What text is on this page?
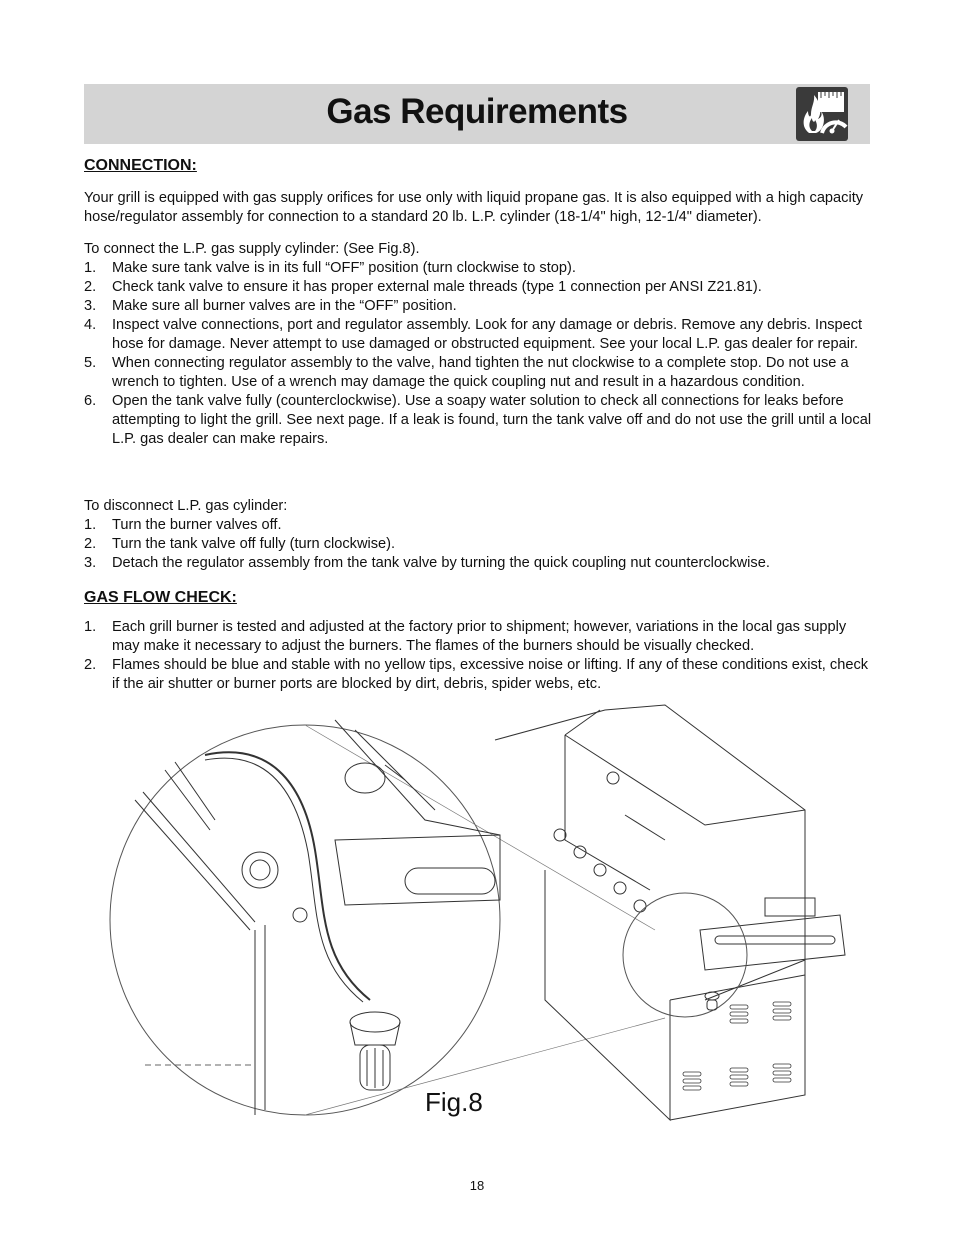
Gas Requirements
CONNECTION:
Your grill is equipped with gas supply orifices for use only with liquid propane gas. It is also equipped with a high capacity hose/regulator assembly for connection to a standard 20 lb. L.P. cylinder (18-1/4" high, 12-1/4" diameter).
To connect the L.P. gas supply cylinder: (See Fig.8).
1. Make sure tank valve is in its full “OFF” position (turn clockwise to stop).
2. Check tank valve to ensure it has proper external male threads (type 1 connection per ANSI Z21.81).
3. Make sure all burner valves are in the “OFF” position.
4. Inspect valve connections, port and regulator assembly. Look for any damage or debris. Remove any debris. Inspect hose for damage. Never attempt to use damaged or obstructed equipment. See your local L.P. gas dealer for repair.
5. When connecting regulator assembly to the valve, hand tighten the nut clockwise to a complete stop. Do not use a wrench to tighten. Use of a wrench may damage the quick coupling nut and result in a hazardous condition.
6. Open the tank valve fully (counterclockwise). Use a soapy water solution to check all connections for leaks before attempting to light the grill. See next page. If a leak is found, turn the tank valve off and do not use the grill until a local L.P. gas dealer can make repairs.
To disconnect L.P. gas cylinder:
1. Turn the burner valves off.
2. Turn the tank valve off fully (turn clockwise).
3. Detach the regulator assembly from the tank valve by turning the quick coupling nut counterclockwise.
GAS FLOW CHECK:
1. Each grill burner is tested and adjusted at the factory prior to shipment; however, variations in the local gas supply may make it necessary to adjust the burners. The flames of the burners should be visually checked.
2. Flames should be blue and stable with no yellow tips, excessive noise or lifting. If any of these conditions exist, check if the air shutter or burner ports are blocked by dirt, debris, spider webs, etc.
Fig.8
18
